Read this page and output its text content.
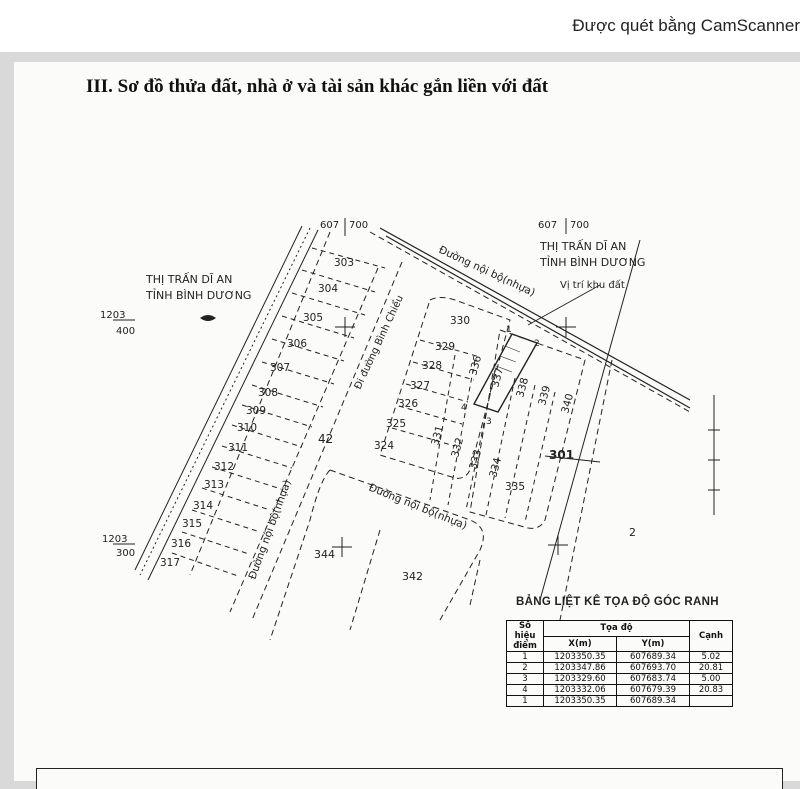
Được quét bằng CamScanner
III. Sơ đồ thửa đất, nhà ở và tài sản khác gắn liền với đất
607 700	607 700
1203
400
1203
300
THỊ TRẤN DĨ AN
TỈNH BÌNH DƯƠNG
THỊ TRẤN DĨ AN
TỈNH BÌNH DƯƠNG
Vị trí khu đất
Đường nội bộ(nhựa)
Đường nội bộ(nhựa)
Đường nội bộ(nhựa)
Đi đường Bình Chiểu
303
304
305
306
307
308
309
310
311
312
313
314
315
316
317
330
329
328
327
326
325
324
336
331
332
333 334
335
337 338 339 340
1
2
3
4
42
301
342
344
2
BẢNG LIỆT KÊ TỌA ĐỘ GÓC RANH
Số hiệu điểm	Tọa độ		Cạnh
	X(m)	Y(m)	
1	1203350.35	607689.34	5.02
2	1203347.86	607693.70	20.81
3	1203329.60	607683.74	5.00
4	1203332.06	607679.39	20.83
1	1203350.35	607689.34	
